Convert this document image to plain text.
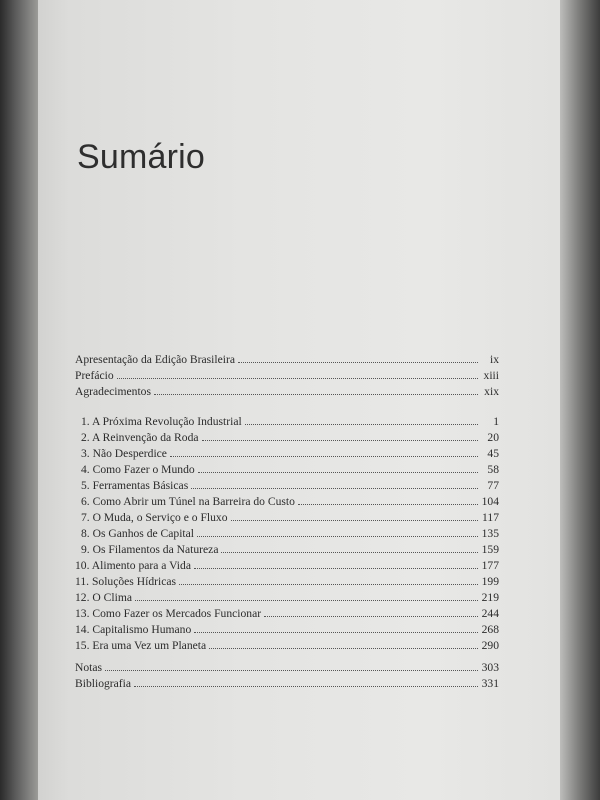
Sumário
Apresentação da Edição Brasileira	ix
Prefácio	xiii
Agradecimentos	xix
1. A Próxima Revolução Industrial	1
2. A Reinvenção da Roda	20
3. Não Desperdice	45
4. Como Fazer o Mundo	58
5. Ferramentas Básicas	77
6. Como Abrir um Túnel na Barreira do Custo	104
7. O Muda, o Serviço e o Fluxo	117
8. Os Ganhos de Capital	135
9. Os Filamentos da Natureza	159
10. Alimento para a Vida	177
11. Soluções Hídricas	199
12. O Clima	219
13. Como Fazer os Mercados Funcionar	244
14. Capitalismo Humano	268
15. Era uma Vez um Planeta	290
Notas	303
Bibliografia	331
